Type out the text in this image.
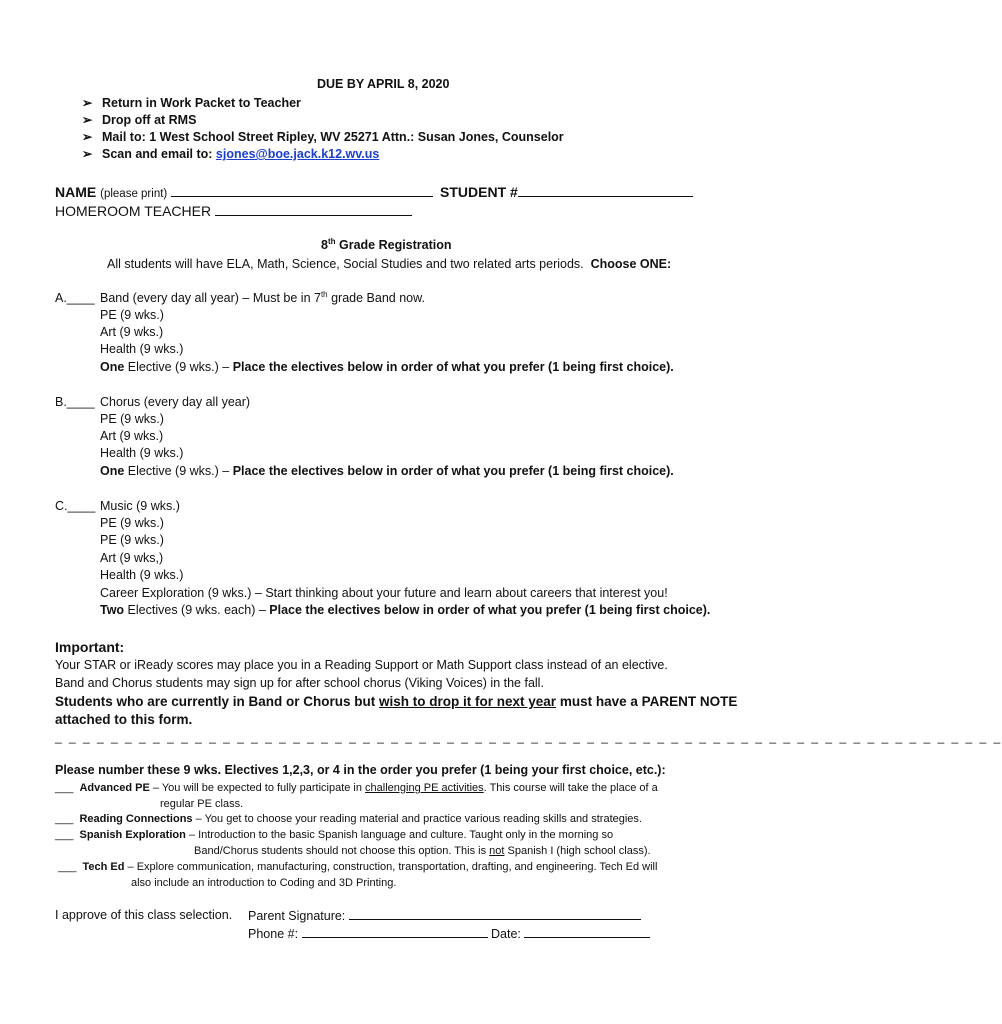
DUE BY APRIL 8, 2020
➢ Return in Work Packet to Teacher
➢ Drop off at RMS
➢ Mail to: 1 West School Street Ripley, WV 25271 Attn.: Susan Jones, Counselor
➢ Scan and email to: sjones@boe.jack.k12.wv.us
NAME (please print)	STUDENT #
HOMEROOM TEACHER
8th Grade Registration
All students will have ELA, Math, Science, Social Studies and two related arts periods. Choose ONE:
A.____ Band (every day all year) – Must be in 7th grade Band now.
PE (9 wks.)
Art (9 wks.)
Health (9 wks.)
One Elective (9 wks.) – Place the electives below in order of what you prefer (1 being first choice).
B.____ Chorus (every day all year)
PE (9 wks.)
Art (9 wks.)
Health (9 wks.)
One Elective (9 wks.) – Place the electives below in order of what you prefer (1 being first choice).
C.____ Music (9 wks.)
PE (9 wks.)
PE (9 wks.)
Art (9 wks,)
Health (9 wks.)
Career Exploration (9 wks.) – Start thinking about your future and learn about careers that interest you!
Two Electives (9 wks. each) – Place the electives below in order of what you prefer (1 being first choice).
Important:
Your STAR or iReady scores may place you in a Reading Support or Math Support class instead of an elective.
Band and Chorus students may sign up for after school chorus (Viking Voices) in the fall.
Students who are currently in Band or Chorus but wish to drop it for next year must have a PARENT NOTE
attached to this form.
_ _ _ _ _ _ _ _ _ _ _ _ _ _ _ _ _ _ _ _ _ _ _ _ _ _ _ _ _ _ _ _ _ _ _ _ _ _ _ _ _ _ _ _ _ _ _ _ _ _ _ _ _ _ _ _ _ _ _ _ _ _ _ _ _ _ _ _
Please number these 9 wks. Electives 1,2,3, or 4 in the order you prefer (1 being your first choice, etc.):
___ Advanced PE – You will be expected to fully participate in challenging PE activities. This course will take the place of a
regular PE class.
___ Reading Connections – You get to choose your reading material and practice various reading skills and strategies.
___ Spanish Exploration – Introduction to the basic Spanish language and culture. Taught only in the morning so
Band/Chorus students should not choose this option. This is not Spanish I (high school class).
___ Tech Ed – Explore communication, manufacturing, construction, transportation, drafting, and engineering. Tech Ed will
also include an introduction to Coding and 3D Printing.
I approve of this class selection. Parent Signature:
Phone #:	Date:
